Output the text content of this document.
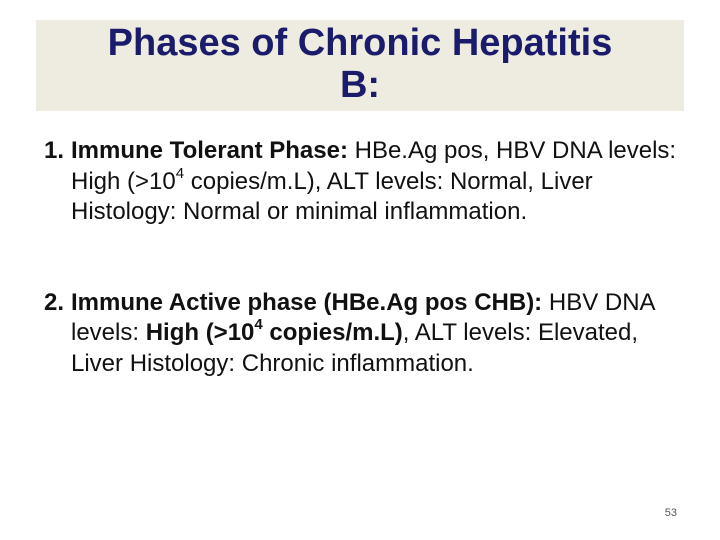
Phases of Chronic Hepatitis
B:
1. Immune Tolerant Phase: HBe.Ag pos, HBV DNA levels: High ($>10^4$ copies/m.L), ALT levels: Normal, Liver Histology: Normal or minimal inflammation.
2. Immune Active phase (HBe.Ag pos CHB): HBV DNA levels: High ($>10^4$ copies/m.L), ALT levels: Elevated, Liver Histology: Chronic inflammation.
53
